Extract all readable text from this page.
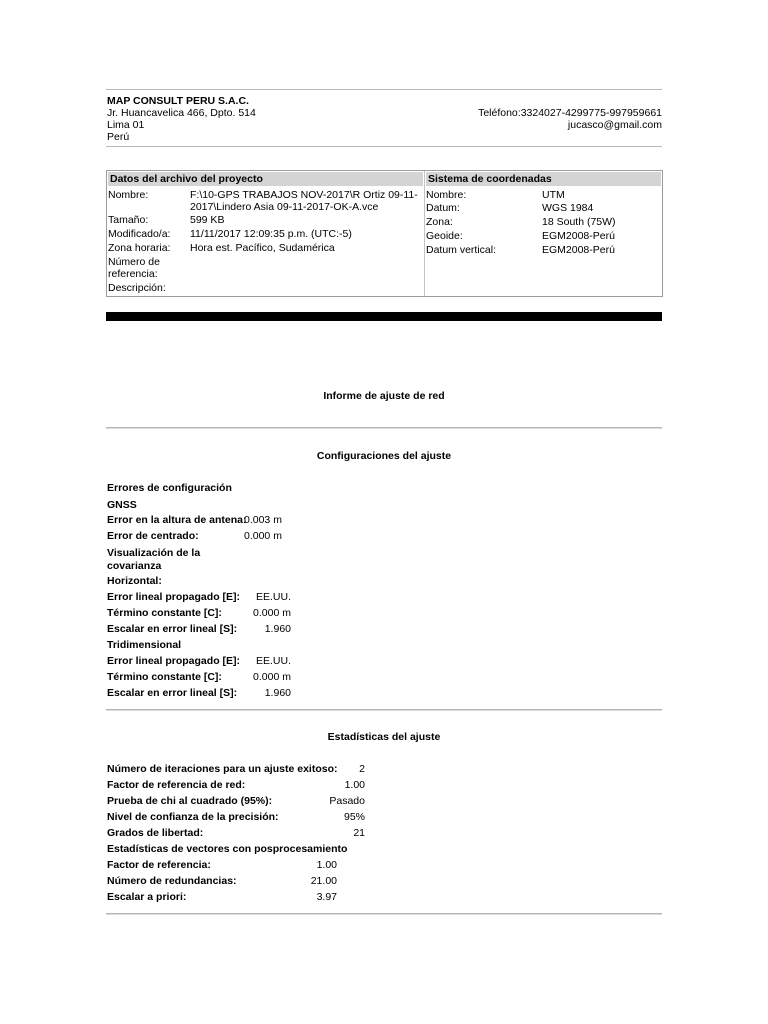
MAP CONSULT PERU S.A.C.
Jr. Huancavelica 466, Dpto. 514
Lima 01
Perú
Teléfono:3324027-4299775-997959661
jucasco@gmail.com
Datos del archivo del proyecto	Sistema de coordenadas
Nombre:	F:\10-GPS TRABAJOS NOV-2017\R Ortiz 09-11-
2017\Lindero Asia 09-11-2017-OK-A.vce
Tamaño:	599 KB
Modificado/a: 11/11/2017 12:09:35 p.m. (UTC:-5)
Zona horaria: Hora est. Pacífico, Sudamérica
Número de
referencia:
Descripción:
Nombre:	UTM
Datum:	WGS 1984
Zona:	18 South (75W)
Geoide:	EGM2008-Perú
Datum vertical:	EGM2008-Perú
Informe de ajuste de red
Configuraciones del ajuste
Errores de configuración
GNSS
Error en la altura de antena:
0.003 m
Error de centrado:	0.000 m
Visualización de la
covarianza
Horizontal:
Error lineal propagado [E]:	EE.UU.
Término constante [C]:	0.000 m
Escalar en error lineal [S]:	1.960
Tridimensional
Error lineal propagado [E]:	EE.UU.
Término constante [C]:	0.000 m
Escalar en error lineal [S]:	1.960
Estadísticas del ajuste
Número de iteraciones para un ajuste exitoso:	2
Factor de referencia de red:	1.00
Prueba de chi al cuadrado (95%):	Pasado
Nivel de confianza de la precisión:	95%
Grados de libertad:	21
Estadísticas de vectores con posprocesamiento
Factor de referencia:	1.00
Número de redundancias:	21.00
Escalar a priori:	3.97
